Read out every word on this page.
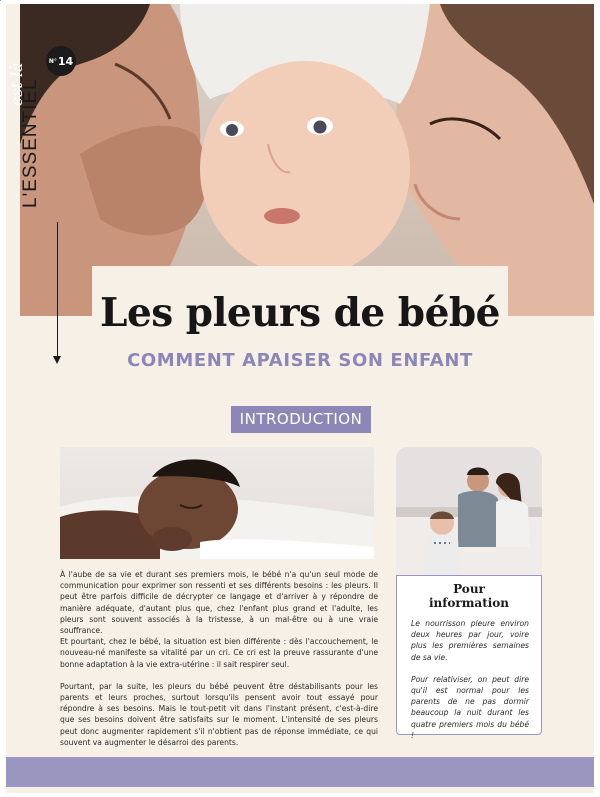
N° 14
L'ESSENTIEL
est là
Les pleurs de bébé
COMMENT APAISER SON ENFANT
INTRODUCTION

À l'aube de sa vie et durant ses premiers mois, le bébé n'a qu'un seul mode de communication pour exprimer son ressenti et ses différents besoins : les pleurs. Il peut être parfois difficile de décrypter ce langage et d'arriver à y répondre de manière adéquate, d'autant plus que, chez l'enfant plus grand et l'adulte, les pleurs sont souvent associés à la tristesse, à un mal-être ou à une vraie souffrance.
Et pourtant, chez le bébé, la situation est bien différente : dès l'accouchement, le nouveau-né manifeste sa vitalité par un cri. Ce cri est la preuve rassurante d'une bonne adaptation à la vie extra-utérine : il sait respirer seul.

Pourtant, par la suite, les pleurs du bébé peuvent être déstabilisants pour les parents et leurs proches, surtout lorsqu'ils pensent avoir tout essayé pour répondre à ses besoins. Mais le tout-petit vit dans l'instant présent, c'est-à-dire que ses besoins doivent être satisfaits sur le moment. L'intensité de ses pleurs peut donc augmenter rapidement s'il n'obtient pas de réponse immédiate, ce qui souvent va augmenter le désarroi des parents.

Pour
information

Le nourrisson pleure environ deux heures par jour, voire plus les premières semaines de sa vie.

Pour relativiser, on peut dire qu'il est normal pour les parents de ne pas dormir beaucoup la nuit durant les quatre premiers mois du bébé !
